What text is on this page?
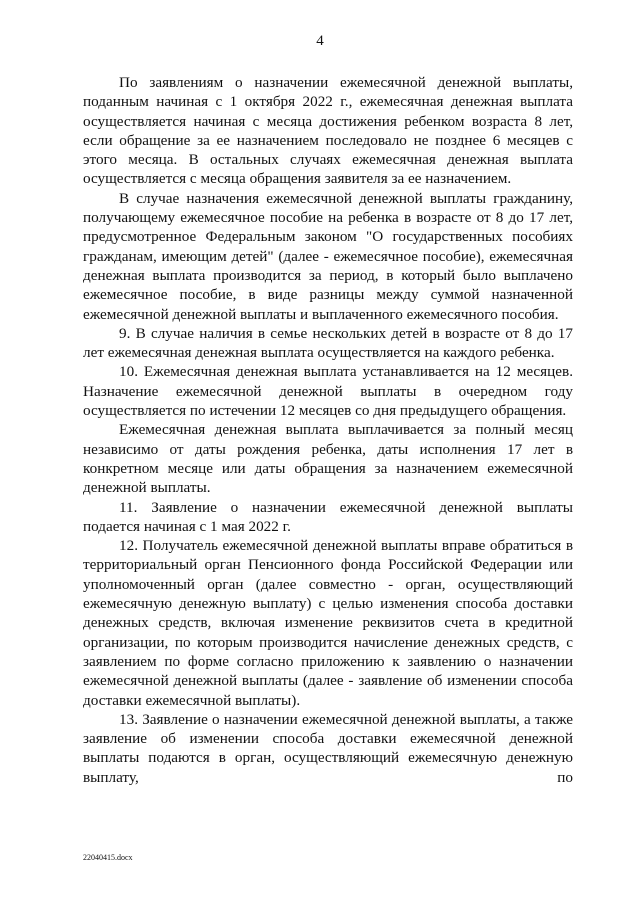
4

По заявлениям о назначении ежемесячной денежной выплаты, поданным начиная с 1 октября 2022 г., ежемесячная денежная выплата осуществляется начиная с месяца достижения ребенком возраста 8 лет, если обращение за ее назначением последовало не позднее 6 месяцев с этого месяца. В остальных случаях ежемесячная денежная выплата осуществляется с месяца обращения заявителя за ее назначением.

В случае назначения ежемесячной денежной выплаты гражданину, получающему ежемесячное пособие на ребенка в возрасте от 8 до 17 лет, предусмотренное Федеральным законом "О государственных пособиях гражданам, имеющим детей" (далее - ежемесячное пособие), ежемесячная денежная выплата производится за период, в который было выплачено ежемесячное пособие, в виде разницы между суммой назначенной ежемесячной денежной выплаты и выплаченного ежемесячного пособия.

9. В случае наличия в семье нескольких детей в возрасте от 8 до 17 лет ежемесячная денежная выплата осуществляется на каждого ребенка.

10. Ежемесячная денежная выплата устанавливается на 12 месяцев. Назначение ежемесячной денежной выплаты в очередном году осуществляется по истечении 12 месяцев со дня предыдущего обращения.

Ежемесячная денежная выплата выплачивается за полный месяц независимо от даты рождения ребенка, даты исполнения 17 лет в конкретном месяце или даты обращения за назначением ежемесячной денежной выплаты.

11. Заявление о назначении ежемесячной денежной выплаты подается начиная с 1 мая 2022 г.

12. Получатель ежемесячной денежной выплаты вправе обратиться в территориальный орган Пенсионного фонда Российской Федерации или уполномоченный орган (далее совместно - орган, осуществляющий ежемесячную денежную выплату) с целью изменения способа доставки денежных средств, включая изменение реквизитов счета в кредитной организации, по которым производится начисление денежных средств, с заявлением по форме согласно приложению к заявлению о назначении ежемесячной денежной выплаты (далее - заявление об изменении способа доставки ежемесячной выплаты).

13. Заявление о назначении ежемесячной денежной выплаты, а также заявление об изменении способа доставки ежемесячной денежной выплаты подаются в орган, осуществляющий ежемесячную денежную выплату, по

22040415.docx
